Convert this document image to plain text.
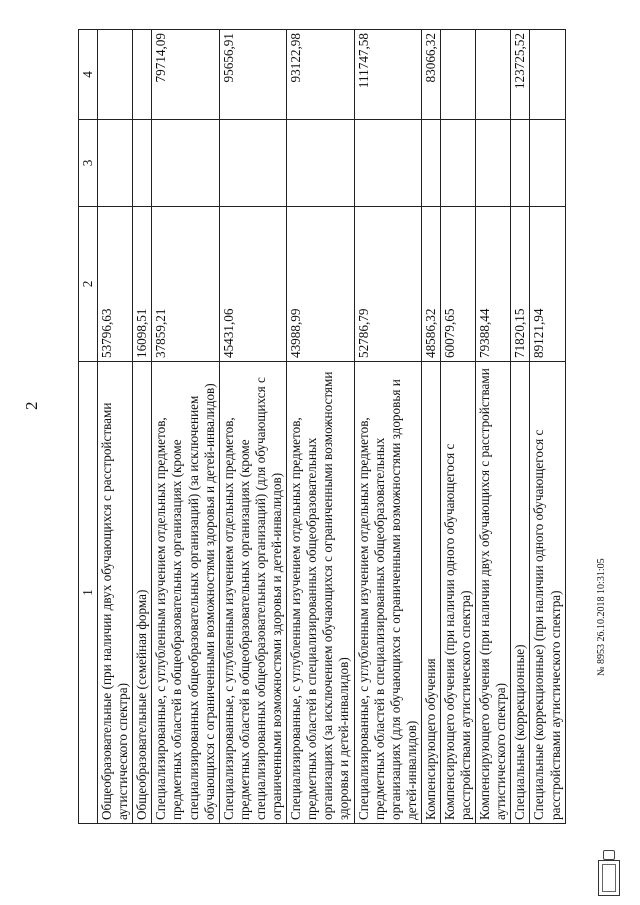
2
1	2	3	4
Общеобразовательные (при наличии двух обучающихся с расстройствами аутистического спектра)	53796,63		
Общеобразовательные (семейная форма)	16098,51		
Специализированные, с углубленным изучением отдельных предметов, предметных областей в общеобразовательных организациях (кроме специализированных общеобразовательных организаций) (за исключением обучающихся с ограниченными возможностями здоровья и детей-инвалидов)	37859,21		79714,09
Специализированные, с углубленным изучением отдельных предметов, предметных областей в общеобразовательных организациях (кроме специализированных общеобразовательных организаций) (для обучающихся с ограниченными возможностями здоровья и детей-инвалидов)	45431,06		95656,91
Специализированные, с углубленным изучением отдельных предметов, предметных областей в специализированных общеобразовательных организациях (за исключением обучающихся с ограниченными возможностями здоровья и детей-инвалидов)	43988,99		93122,98
Специализированные, с углубленным изучением отдельных предметов, предметных областей в специализированных общеобразовательных организациях (для обучающихся с ограниченными возможностями здоровья и детей-инвалидов)	52786,79		111747,58
Компенсирующего обучения	48586,32		83066,32
Компенсирующего обучения (при наличии одного обучающегося с расстройствами аутистического спектра)	60079,65		
Компенсирующего обучения (при наличии двух обучающихся с расстройствами аутистического спектра)	79388,44		
Специальные (коррекционные)	71820,15		123725,52
Специальные (коррекционные) (при наличии одного обучающегося с расстройствами аутистического спектра)	89121,94		
№ 8953 26.10.2018 10:31:05
